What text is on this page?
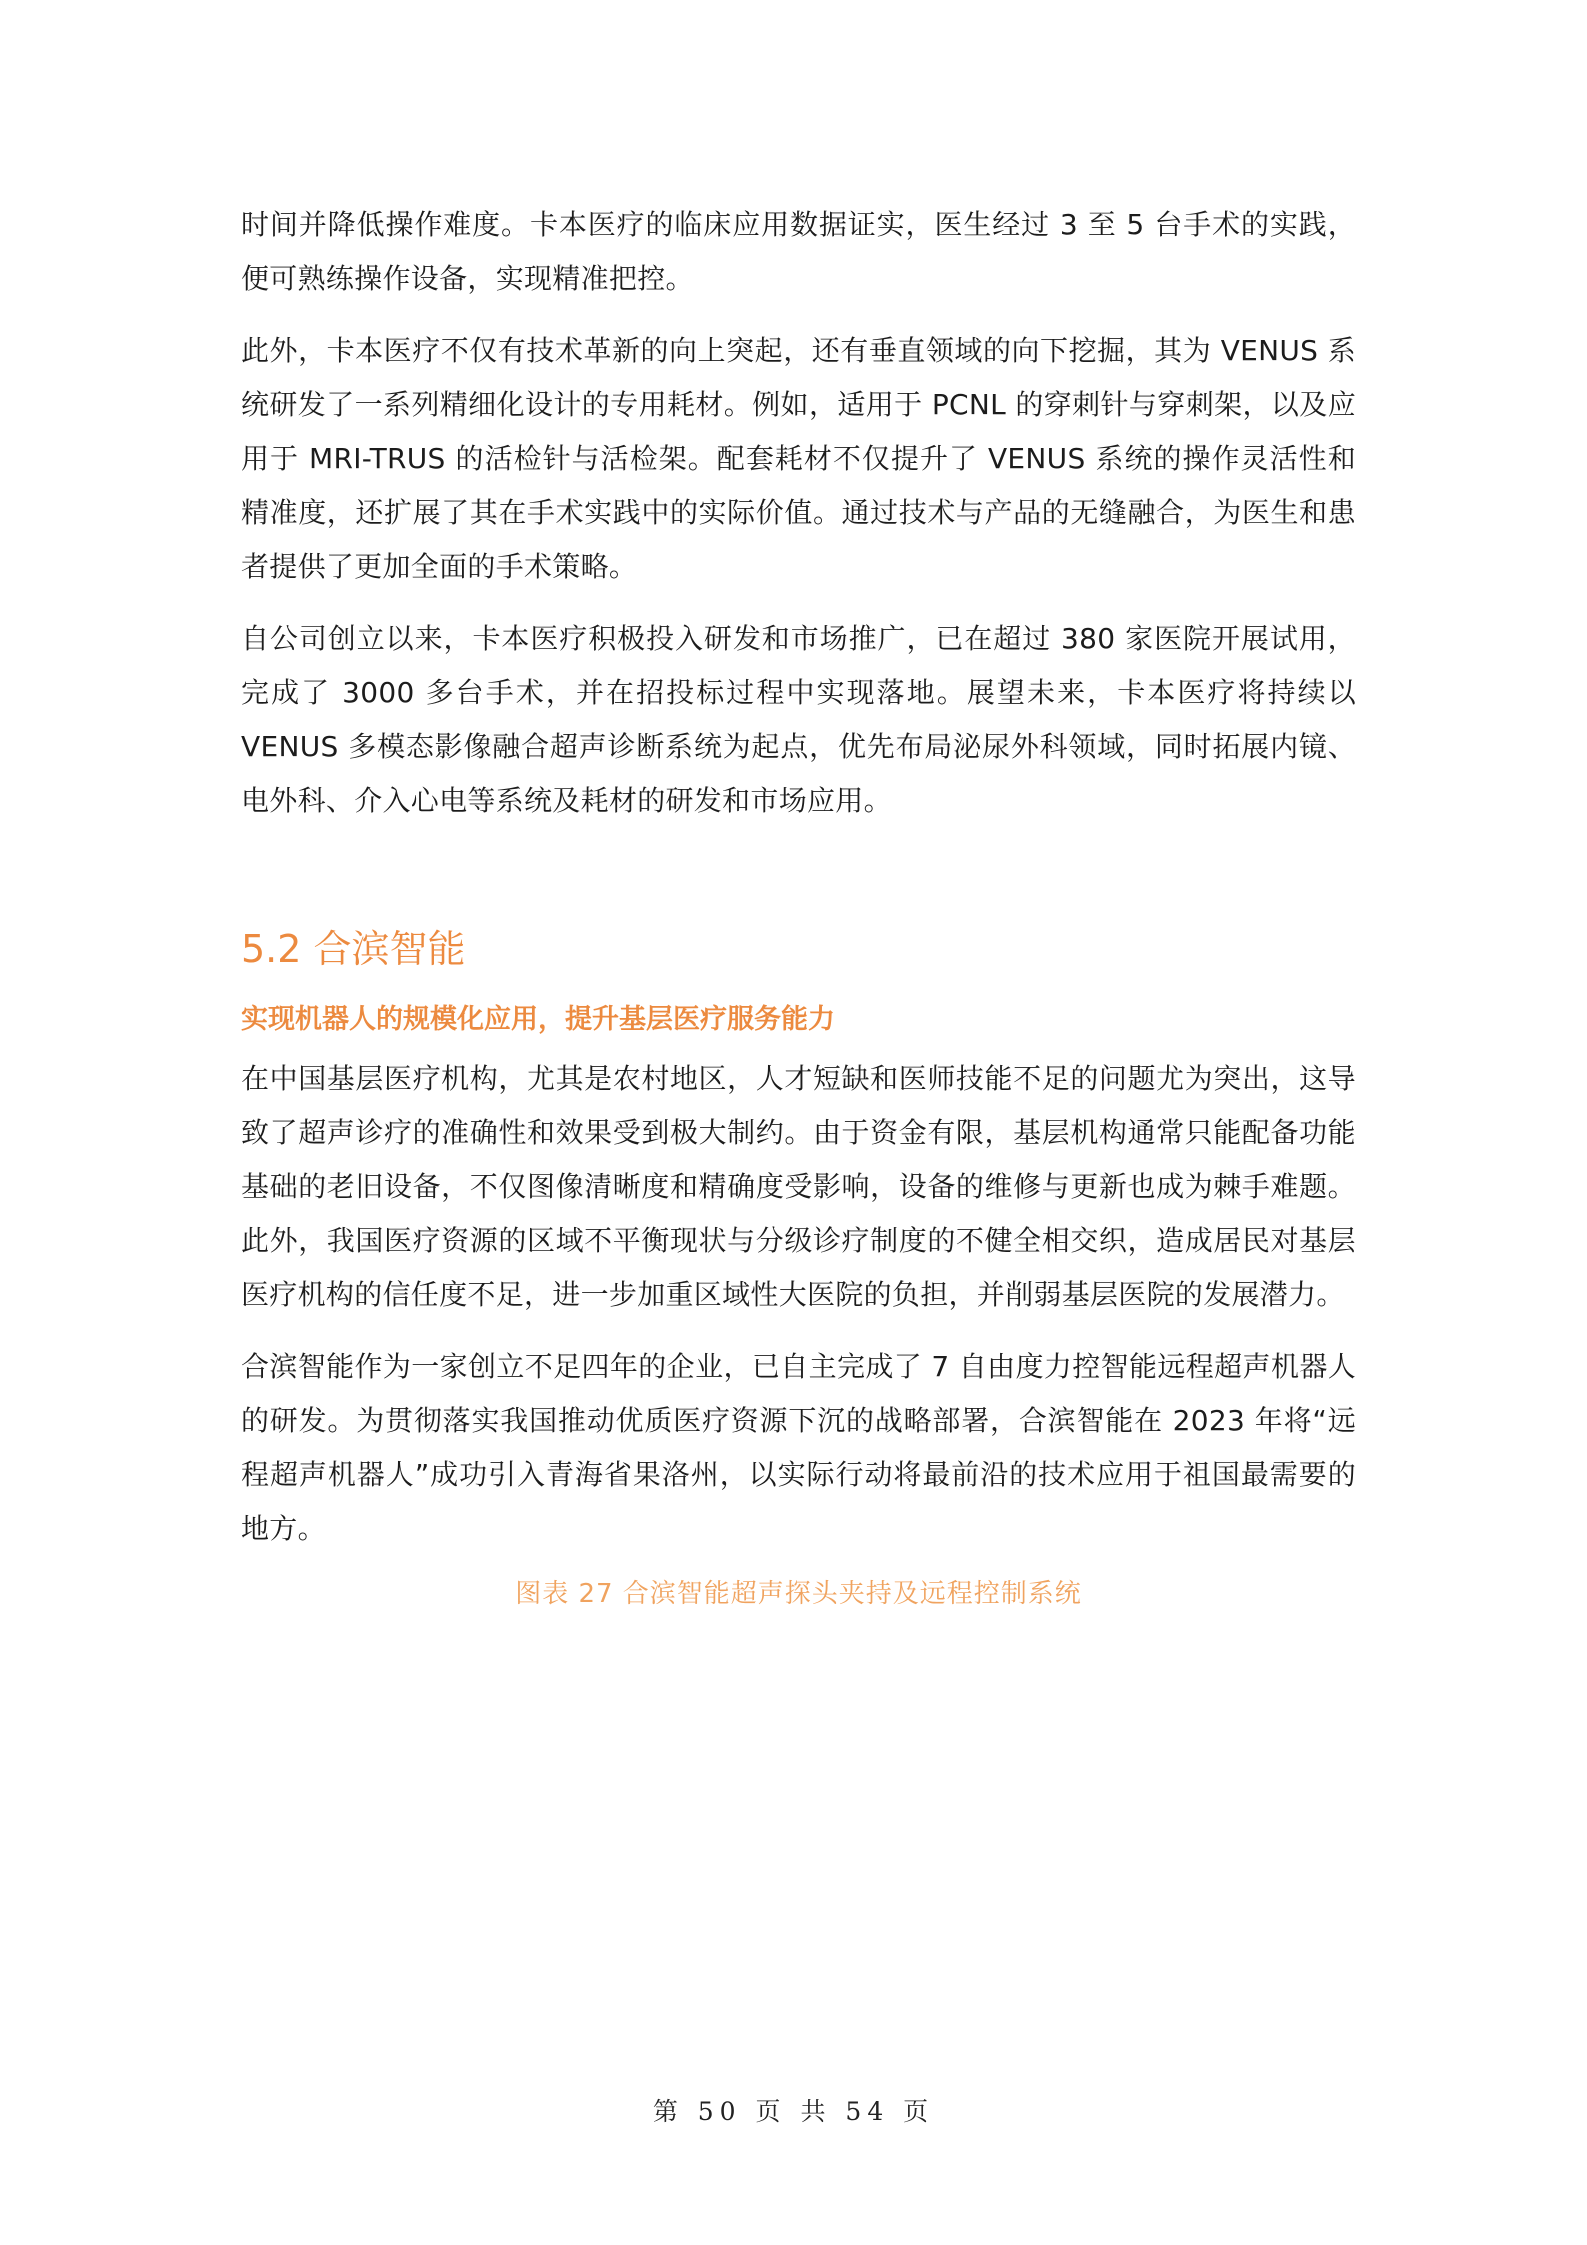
时间并降低操作难度。卡本医疗的临床应用数据证实，医生经过 3 至 5 台手术的实践，便可熟练操作设备，实现精准把控。

此外，卡本医疗不仅有技术革新的向上突起，还有垂直领域的向下挖掘，其为 VENUS 系统研发了一系列精细化设计的专用耗材。例如，适用于 PCNL 的穿刺针与穿刺架，以及应用于 MRI-TRUS 的活检针与活检架。配套耗材不仅提升了 VENUS 系统的操作灵活性和精准度，还扩展了其在手术实践中的实际价值。通过技术与产品的无缝融合，为医生和患者提供了更加全面的手术策略。

自公司创立以来，卡本医疗积极投入研发和市场推广，已在超过 380 家医院开展试用，完成了 3000 多台手术，并在招投标过程中实现落地。展望未来，卡本医疗将持续以 VENUS 多模态影像融合超声诊断系统为起点，优先布局泌尿外科领域，同时拓展内镜、电外科、介入心电等系统及耗材的研发和市场应用。

5.2 合滨智能
实现机器人的规模化应用，提升基层医疗服务能力

在中国基层医疗机构，尤其是农村地区，人才短缺和医师技能不足的问题尤为突出，这导致了超声诊疗的准确性和效果受到极大制约。由于资金有限，基层机构通常只能配备功能基础的老旧设备，不仅图像清晰度和精确度受影响，设备的维修与更新也成为棘手难题。此外，我国医疗资源的区域不平衡现状与分级诊疗制度的不健全相交织，造成居民对基层医疗机构的信任度不足，进一步加重区域性大医院的负担，并削弱基层医院的发展潜力。

合滨智能作为一家创立不足四年的企业，已自主完成了 7 自由度力控智能远程超声机器人的研发。为贯彻落实我国推动优质医疗资源下沉的战略部署，合滨智能在 2023 年将“远程超声机器人”成功引入青海省果洛州，以实际行动将最前沿的技术应用于祖国最需要的地方。

图表 27 合滨智能超声探头夹持及远程控制系统
第 50 页 共 54 页
